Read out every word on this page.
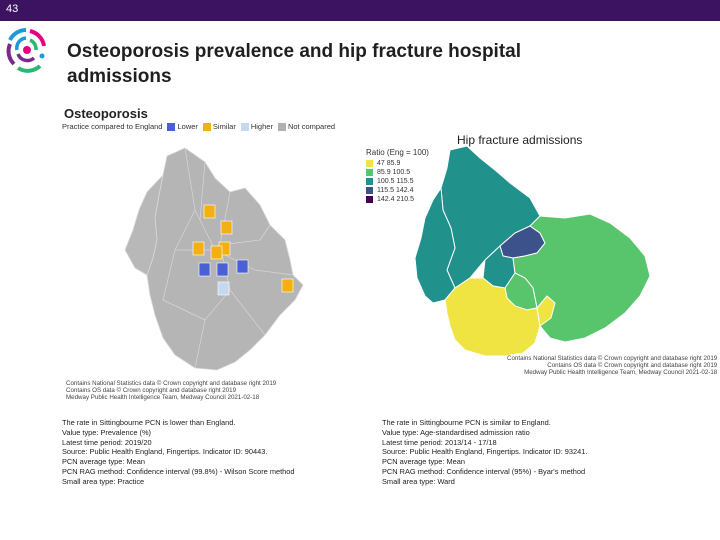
43
Osteoporosis prevalence and hip fracture hospital
admissions
Osteoporosis
Practice compared to England Lower Similar Higher Not compared
Contains National Statistics data © Crown copyright and database right 2019
Contains OS data © Crown copyright and database right 2019
Medway Public Health Intelligence Team, Medway Council 2021-02-18
Hip fracture admissions
Ratio (Eng = 100)
47 85.9
85.9 100.5
100.5 115.5
115.5 142.4
142.4 210.5
Contains National Statistics data © Crown copyright and database right 2019
Contains OS data © Crown copyright and database right 2019
Medway Public Health Intelligence Team, Medway Council 2021-02-18
The rate in Sittingbourne PCN is lower than England.
Value type: Prevalence (%)
Latest time period: 2019/20
Source: Public Health England, Fingertips. Indicator ID: 90443.
PCN average type: Mean
PCN RAG method: Confidence interval (99.8%) - Wilson Score method
Small area type: Practice
The rate in Sittingbourne PCN is similar to England.
Value type: Age-standardised admission ratio
Latest time period: 2013/14 - 17/18
Source: Public Health England, Fingertips. Indicator ID: 93241.
PCN average type: Mean
PCN RAG method: Confidence interval (95%) - Byar's method
Small area type: Ward
